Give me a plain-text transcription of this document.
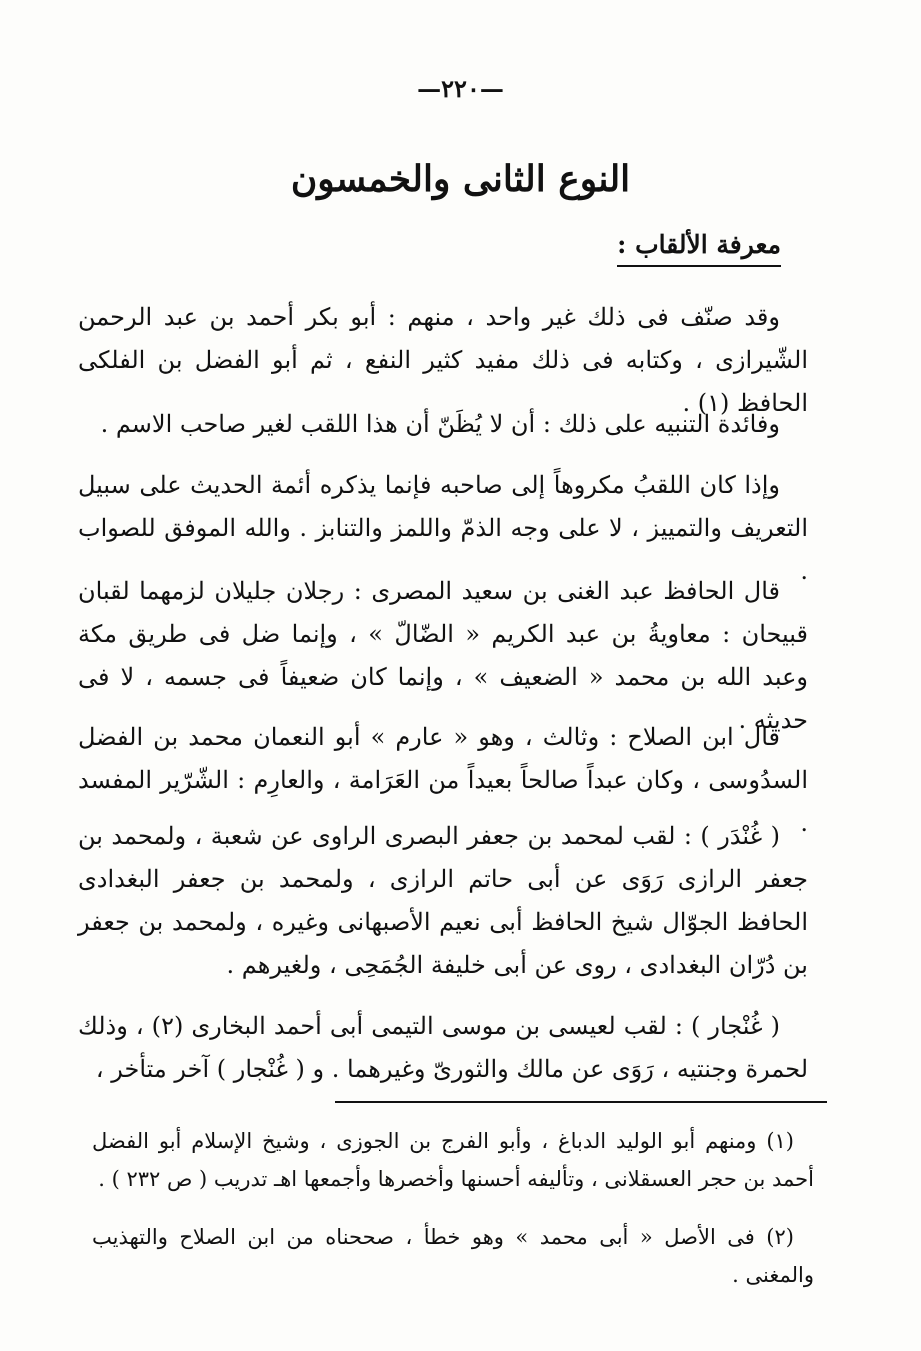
—٢٢٠—
النوع الثانى والخمسون
معرفة الألقاب :

وقد صنّف فى ذلك غير واحد ، منهم : أبو بكر أحمد بن عبد الرحمن الشّيرازى ، وكتابه فى ذلك مفيد كثير النفع ، ثم أبو الفضل بن الفلكى الحافظ (١) .

وفائدة التنبيه على ذلك : أن لا يُظَنّ أن هذا اللقب لغير صاحب الاسم .

وإذا كان اللقبُ مكروهاً إلى صاحبه فإنما يذكره أئمة الحديث على سبيل التعريف والتمييز ، لا على وجه الذمّ واللمز والتنابز . والله الموفق للصواب .

قال الحافظ عبد الغنى بن سعيد المصرى : رجلان جليلان لزمهما لقبان قبيحان : معاويةُ بن عبد الكريم « الضّالّ » ، وإنما ضل فى طريق مكة وعبد الله بن محمد « الضعيف » ، وإنما كان ضعيفاً فى جسمه ، لا فى حديثه .

قال ابن الصلاح : وثالث ، وهو « عارم » أبو النعمان محمد بن الفضل السدُوسى ، وكان عبداً صالحاً بعيداً من العَرَامة ، والعارِم : الشّرّير المفسد .

( غُنْدَر ) : لقب لمحمد بن جعفر البصرى الراوى عن شعبة ، ولمحمد بن جعفر الرازى رَوَى عن أبى حاتم الرازى ، ولمحمد بن جعفر البغدادى الحافظ الجوّال شيخ الحافظ أبى نعيم الأصبهانى وغيره ، ولمحمد بن جعفر بن دُرّان البغدادى ، روى عن أبى خليفة الجُمَحِى ، ولغيرهم .

( غُنْجار ) : لقب لعيسى بن موسى التيمى أبى أحمد البخارى (٢) ، وذلك لحمرة وجنتيه ، رَوَى عن مالك والثورىّ وغيرهما . و ( غُنْجار ) آخر متأخر ،

(١) ومنهم أبو الوليد الدباغ ، وأبو الفرج بن الجوزى ، وشيخ الإسلام أبو الفضل أحمد بن حجر العسقلانى ، وتأليفه أحسنها وأخصرها وأجمعها اهـ تدريب ( ص ٢٣٢ ) .

(٢) فى الأصل « أبى محمد » وهو خطأ ، صححناه من ابن الصلاح والتهذيب والمغنى .
